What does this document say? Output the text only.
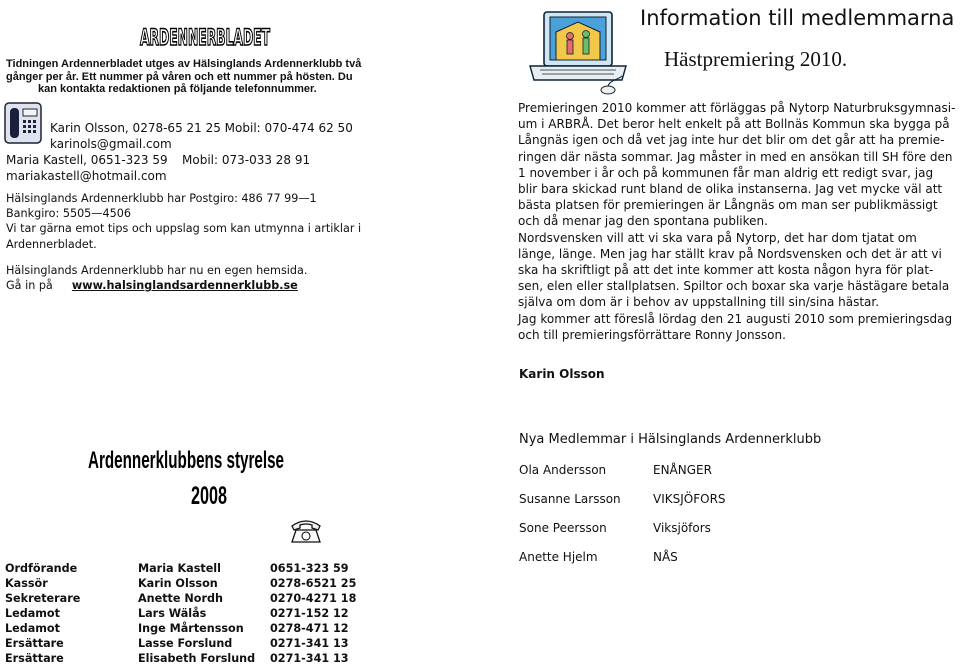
ARDENNERBLADET
Tidningen Ardennerbladet utges av Hälsinglands Ardennerklubb två
gånger per år. Ett nummer på våren och ett nummer på hösten. Du
kan kontakta redaktionen på följande telefonnummer.
Karin Olsson, 0278-65 21 25 Mobil: 070-474 62 50
karinols@gmail.com
Maria Kastell, 0651-323 59 Mobil: 073-033 28 91
mariakastell@hotmail.com
Hälsinglands Ardennerklubb har Postgiro: 486 77 99—1
Bankgiro: 5505—4506
Vi tar gärna emot tips och uppslag som kan utmynna i artiklar i
Ardennerbladet.
Hälsinglands Ardennerklubb har nu en egen hemsida.
Gå in på www.halsinglandsardennerklubb.se
Information till medlemmarna
Hästpremiering 2010.
Premieringen 2010 kommer att förläggas på Nytorp Naturbruksgymnasi-
um i ARBRÅ. Det beror helt enkelt på att Bollnäs Kommun ska bygga på
Långnäs igen och då vet jag inte hur det blir om det går att ha premie-
ringen där nästa sommar. Jag måster in med en ansökan till SH före den
1 november i år och på kommunen får man aldrig ett redigt svar, jag
blir bara skickad runt bland de olika instanserna. Jag vet mycke väl att
bästa platsen för premieringen är Långnäs om man ser publikmässigt
och då menar jag den spontana publiken.
Nordsvensken vill att vi ska vara på Nytorp, det har dom tjatat om
länge, länge. Men jag har ställt krav på Nordsvensken och det är att vi
ska ha skriftligt på att det inte kommer att kosta någon hyra för plat-
sen, elen eller stallplatsen. Spiltor och boxar ska varje hästägare betala
själva om dom är i behov av uppstallning till sin/sina hästar.
Jag kommer att föreslå lördag den 21 augusti 2010 som premieringsdag
och till premieringsförrättare Ronny Jonsson.
Karin Olsson
Ardennerklubbens styrelse
2008
Ordförande	Maria Kastell	0651-323 59
Kassör	Karin Olsson	0278-6521 25
Sekreterare	Anette Nordh	0270-4271 18
Ledamot	Lars Wälås	0271-152 12
Ledamot	Inge Mårtensson 0278-471 12
Ersättare	Lasse Forslund	0271-341 13
Ersättare	Elisabeth Forslund 0271-341 13
Nya Medlemmar i Hälsinglands Ardennerklubb
Ola Andersson	ENÅNGER
Susanne Larsson	VIKSJÖFORS
Sone Peersson	Viksjöfors
Anette Hjelm	NÅS
